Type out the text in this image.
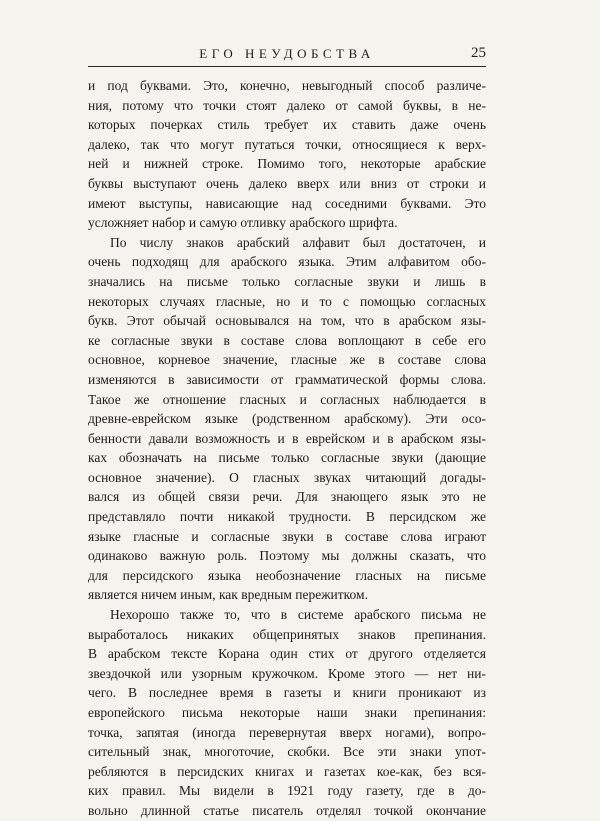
ЕГО НЕУДОБСТВА	25

и под буквами. Это, конечно, невыгодный способ различе-
ния, потому что точки стоят далеко от самой буквы, в не-
которых почерках стиль требует их ставить даже очень
далеко, так что могут путаться точки, относящиеся к верх-
ней и нижней строке. Помимо того, некоторые арабские
буквы выступают очень далеко вверх или вниз от строки и
имеют выступы, нависающие над соседними буквами. Это
усложняет набор и самую отливку арабского шрифта.

По числу знаков арабский алфавит был достаточен, и
очень подходящ для арабского языка. Этим алфавитом обо-
значались на письме только согласные звуки и лишь в
некоторых случаях гласные, но и то с помощью согласных
букв. Этот обычай основывался на том, что в арабском язы-
ке согласные звуки в составе слова воплощают в себе его
основное, корневое значение, гласные же в составе слова
изменяются в зависимости от грамматической формы слова.
Такое же отношение гласных и согласных наблюдается в
древне-еврейском языке (родственном арабскому). Эти осо-
бенности давали возможность и в еврейском и в арабском язы-
ках обозначать на письме только согласные звуки (дающие
основное значение). О гласных звуках читающий догады-
вался из общей связи речи. Для знающего язык это не
представляло почти никакой трудности. В персидском же
языке гласные и согласные звуки в составе слова играют
одинаково важную роль. Поэтому мы должны сказать, что
для персидского языка необозначение гласных на письме
является ничем иным, как вредным пережитком.

Нехорошо также то, что в системе арабского письма не
выработалось никаких общепринятых знаков препинания.
В арабском тексте Корана один стих от другого отделяется
звездочкой или узорным кружочком. Кроме этого — нет ни-
чего. В последнее время в газеты и книги проникают из
европейского письма некоторые наши знаки препинания:
точка, запятая (иногда перевернутая вверх ногами), вопро-
сительный знак, многоточие, скобки. Все эти знаки упот-
ребляются в персидских книгах и газетах кое-как, без вся-
ких правил. Мы видели в 1921 году газету, где в до-
вольно длинной статье писатель отделял точкой окончание
